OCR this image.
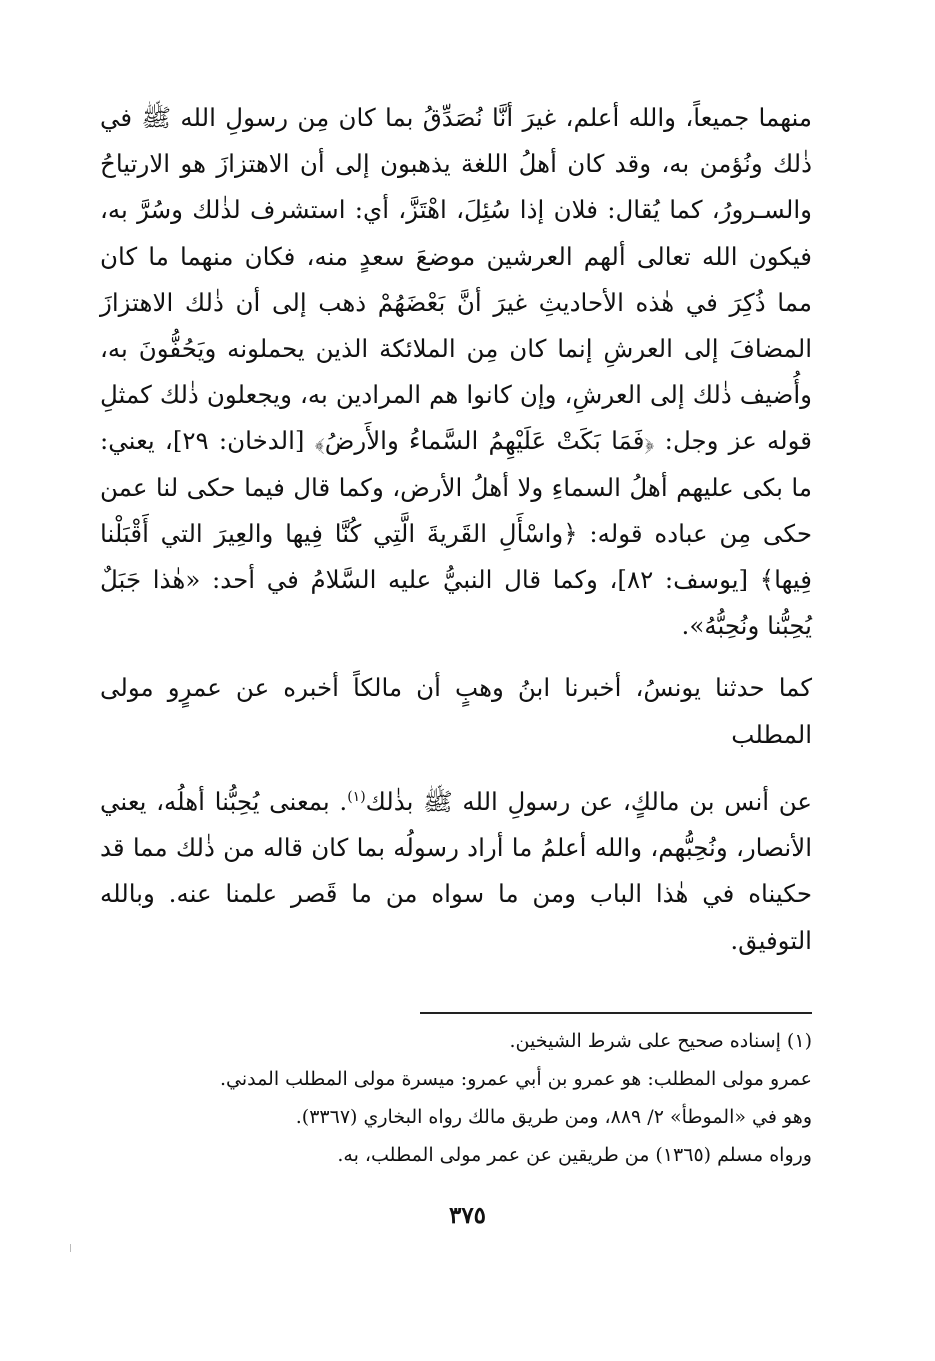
منهما جميعاً، والله أعلم، غيرَ أنَّا نُصَدِّقُ بما كان مِن رسولِ الله ﷺ في ذٰلك ونُؤمن به، وقد كان أهلُ اللغة يذهبون إلى أن الاهتزازَ هو الارتياحُ والسـرورُ، كما يُقال: فلان إذا سُئِلَ، اهْتَزَّ، أي: استشرف لذٰلك وسُرَّ به، فيكون الله تعالى ألهم العرشين موضعَ سعدٍ منه، فكان منهما ما كان مما ذُكِرَ في هٰذه الأحاديثِ غيرَ أنَّ بَعْضَهُمْ ذهب إلى أن ذٰلك الاهتزازَ المضافَ إلى العرشِ إنما كان مِن الملائكة الذين يحملونه ويَحُفُّونَ به، وأُضيف ذٰلك إلى العرشِ، وإن كانوا هم المرادين به، ويجعلون ذٰلك كمثلِ قوله عز وجل: ﴿فَمَا بَكَتْ عَلَيْهِمُ السَّماءُ والأَرضُ﴾ [الدخان: ٢٩]، يعني: ما بكى عليهم أهلُ السماءِ ولا أهلُ الأرض، وكما قال فيما حكى لنا عمن حكى مِن عباده قوله: ﴿واسْأَلِ القَريةَ الَّتِي كُنَّا فِيها والعِيرَ التي أَقْبَلْنا فِيها﴾ [يوسف: ٨٢]، وكما قال النبيُّ عليه السَّلامُ في أحد: «هٰذا جَبَلٌ يُحِبُّنا ونُحِبُّهُ».

كما حدثنا يونسُ، أخبرنا ابنُ وهبٍ أن مالكاً أخبره عن عمرٍو مولى المطلب

عن أنس بن مالكٍ، عن رسولِ الله ﷺ بذٰلك$^{(١)}$. بمعنى يُحِبُّنا أهلُه، يعني الأنصار، ونُحِبُّهم، والله أعلمُ ما أراد رسولُه بما كان قاله من ذٰلك مما قد حكيناه في هٰذا الباب ومن ما سواه من ما قَصر علمنا عنه. وبالله التوفيق.

(١) إسناده صحيح على شرط الشيخين.

عمرو مولى المطلب: هو عمرو بن أبي عمرو: ميسرة مولى المطلب المدني.

وهو في «الموطأ» ٢/ ٨٨٩، ومن طريق مالك رواه البخاري (٣٣٦٧).

ورواه مسلم (١٣٦٥) من طريقين عن عمر مولى المطلب، به.

٣٧٥
